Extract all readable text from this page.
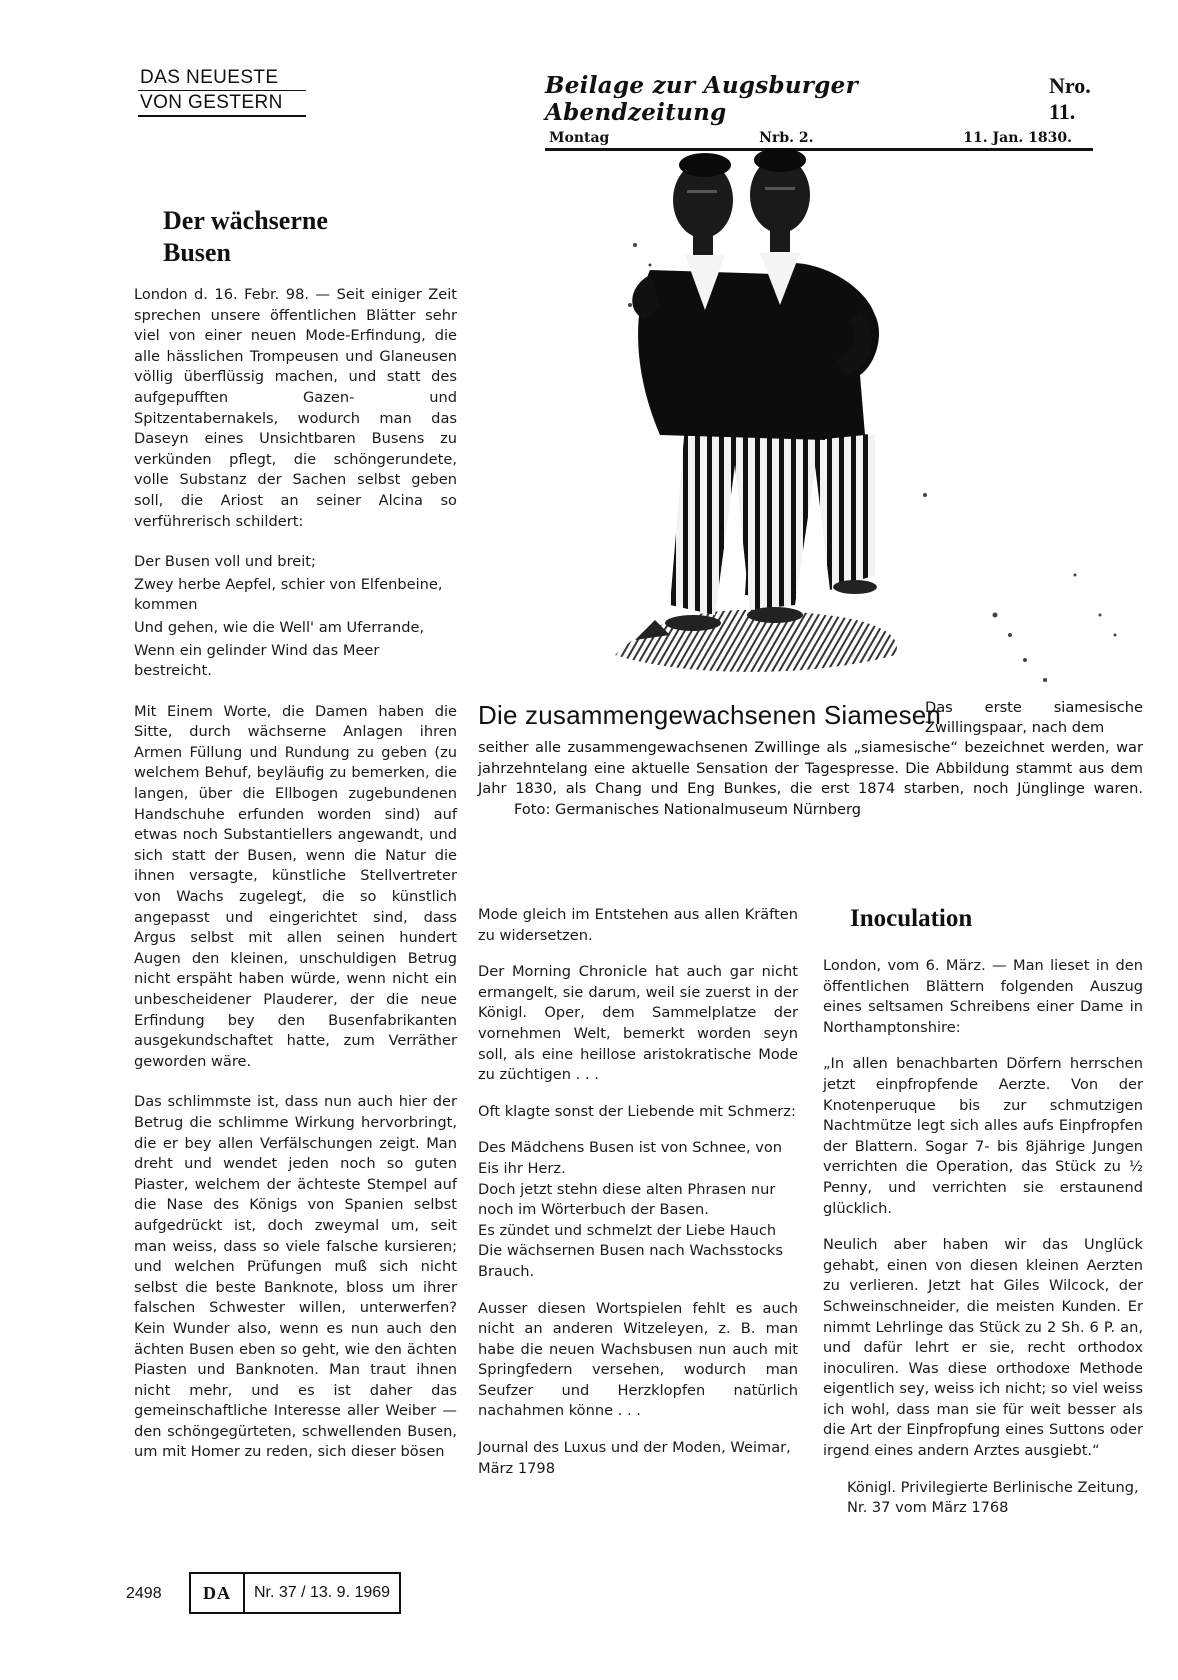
DAS NEUESTE
VON GESTERN
Beilage zur Augsburger Abendzeitung
Nro. 11.
Montag	Nrb. 2.	11. Jan. 1830.
Der wächserne
Busen

London d. 16. Febr. 98. — Seit einiger Zeit sprechen unsere öffentlichen Blätter sehr viel von einer neuen Mode-Erfindung, die alle hässlichen Trompeusen und Glaneusen völlig überflüssig machen, und statt des aufgepufften Gazen- und Spitzentabernakels, wodurch man das Daseyn eines Unsichtbaren Busens zu verkünden pflegt, die schöngerundete, volle Substanz der Sachen selbst geben soll, die Ariost an seiner Alcina so verführerisch schildert:

Der Busen voll und breit;

Zwey herbe Aepfel, schier von Elfenbeine, kommen

Und gehen, wie die Well' am Uferrande,

Wenn ein gelinder Wind das Meer bestreicht.

Mit Einem Worte, die Damen haben die Sitte, durch wächserne Anlagen ihren Armen Füllung und Rundung zu geben (zu welchem Behuf, beyläufig zu bemerken, die langen, über die Ellbogen zugebundenen Handschuhe erfunden worden sind) auf etwas noch Substantiellers angewandt, und sich statt der Busen, wenn die Natur die ihnen versagte, künstliche Stellvertreter von Wachs zugelegt, die so künstlich angepasst und eingerichtet sind, dass Argus selbst mit allen seinen hundert Augen den kleinen, unschuldigen Betrug nicht erspäht haben würde, wenn nicht ein unbescheidener Plauderer, der die neue Erfindung bey den Busenfabrikanten ausgekundschaftet hatte, zum Verräther geworden wäre.

Das schlimmste ist, dass nun auch hier der Betrug die schlimme Wirkung hervorbringt, die er bey allen Verfälschungen zeigt. Man dreht und wendet jeden noch so guten Piaster, welchem der ächteste Stempel auf die Nase des Königs von Spanien selbst aufgedrückt ist, doch zweymal um, seit man weiss, dass so viele falsche kursieren; und welchen Prüfungen muß sich nicht selbst die beste Banknote, bloss um ihrer falschen Schwester willen, unterwerfen? Kein Wunder also, wenn es nun auch den ächten Busen eben so geht, wie den ächten Piasten und Banknoten. Man traut ihnen nicht mehr, und es ist daher das gemeinschaftliche Interesse aller Weiber — den schöngegürteten, schwellenden Busen, um mit Homer zu reden, sich dieser bösen

Die zusammengewachsenen Siamesen
Das erste siamesische Zwillingspaar, nach dem
seither alle zusammengewachsenen Zwillinge als „siamesische“ bezeichnet werden, war jahrzehntelang eine aktuelle Sensation der Tagespresse. Die Abbildung stammt aus dem Jahr 1830, als Chang und Eng Bunkes, die erst 1874 starben, noch Jünglinge waren. Foto: Germanisches Nationalmuseum Nürnberg

Mode gleich im Entstehen aus allen Kräften zu widersetzen.

Der Morning Chronicle hat auch gar nicht ermangelt, sie darum, weil sie zuerst in der Königl. Oper, dem Sammelplatze der vornehmen Welt, bemerkt worden seyn soll, als eine heillose aristokratische Mode zu züchtigen . . .

Oft klagte sonst der Liebende mit Schmerz:

Des Mädchens Busen ist von Schnee, von Eis ihr Herz.

Doch jetzt stehn diese alten Phrasen nur noch im Wörterbuch der Basen.

Es zündet und schmelzt der Liebe Hauch

Die wächsernen Busen nach Wachsstocks Brauch.

Ausser diesen Wortspielen fehlt es auch nicht an anderen Witzeleyen, z. B. man habe die neuen Wachsbusen nun auch mit Springfedern versehen, wodurch man Seufzer und Herzklopfen natürlich nachahmen könne . . .

Journal des Luxus und der Moden, Weimar, März 1798

Inoculation

London, vom 6. März. — Man lieset in den öffentlichen Blättern folgenden Auszug eines seltsamen Schreibens einer Dame in Northamptonshire:

„In allen benachbarten Dörfern herrschen jetzt einpfropfende Aerzte. Von der Knotenperuque bis zur schmutzigen Nachtmütze legt sich alles aufs Einpfropfen der Blattern. Sogar 7- bis 8jährige Jungen verrichten die Operation, das Stück zu ½ Penny, und verrichten sie erstaunend glücklich.

Neulich aber haben wir das Unglück gehabt, einen von diesen kleinen Aerzten zu verlieren. Jetzt hat Giles Wilcock, der Schweinschneider, die meisten Kunden. Er nimmt Lehrlinge das Stück zu 2 Sh. 6 P. an, und dafür lehrt er sie, recht orthodox inoculiren. Was diese orthodoxe Methode eigentlich sey, weiss ich nicht; so viel weiss ich wohl, dass man sie für weit besser als die Art der Einpfropfung eines Suttons oder irgend eines andern Arztes ausgiebt.“

Königl. Privilegierte Berlinische Zeitung, Nr. 37 vom März 1768

2498	DA	Nr. 37 / 13. 9. 1969
